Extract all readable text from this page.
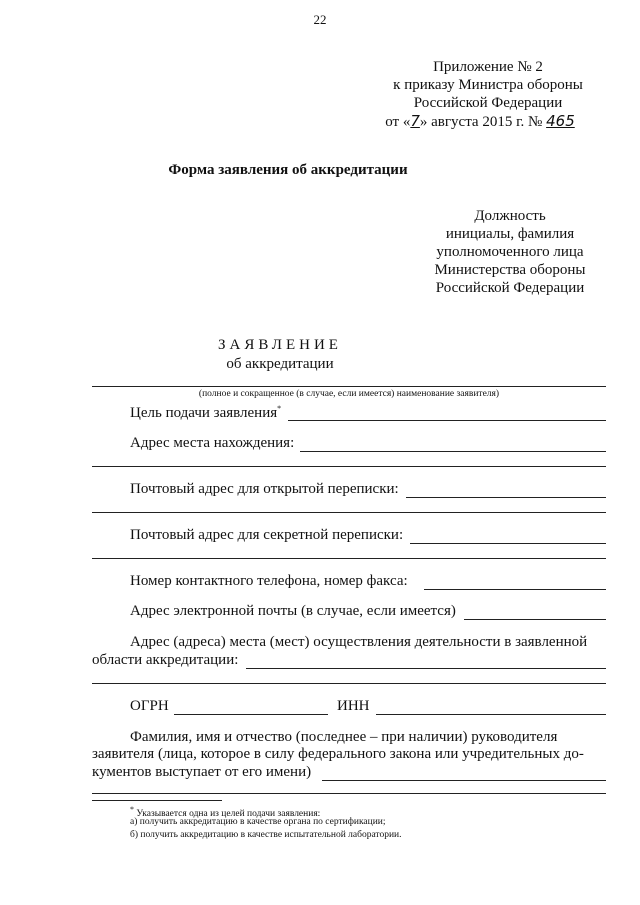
22
Приложение № 2
к приказу Министра обороны
Российской Федерации
от «7» августа 2015 г. № 465
Форма заявления об аккредитации
Должность
инициалы, фамилия
уполномоченного лица
Министерства обороны
Российской Федерации
ЗАЯВЛЕНИЕ
об аккредитации
(полное и сокращенное (в случае, если имеется) наименование заявителя)
Цель подачи заявления*
Адрес места нахождения:
Почтовый адрес для открытой переписки:
Почтовый адрес для секретной переписки:
Номер контактного телефона, номер факса:
Адрес электронной почты (в случае, если имеется)
Адрес (адреса) места (мест) осуществления деятельности в заявленной
области аккредитации:
ОГРН	ИНН
Фамилия, имя и отчество (последнее – при наличии) руководителя
заявителя (лица, которое в силу федерального закона или учредительных до-
кументов выступает от его имени)
* Указывается одна из целей подачи заявления:
а) получить аккредитацию в качестве органа по сертификации;
б) получить аккредитацию в качестве испытательной лаборатории.
